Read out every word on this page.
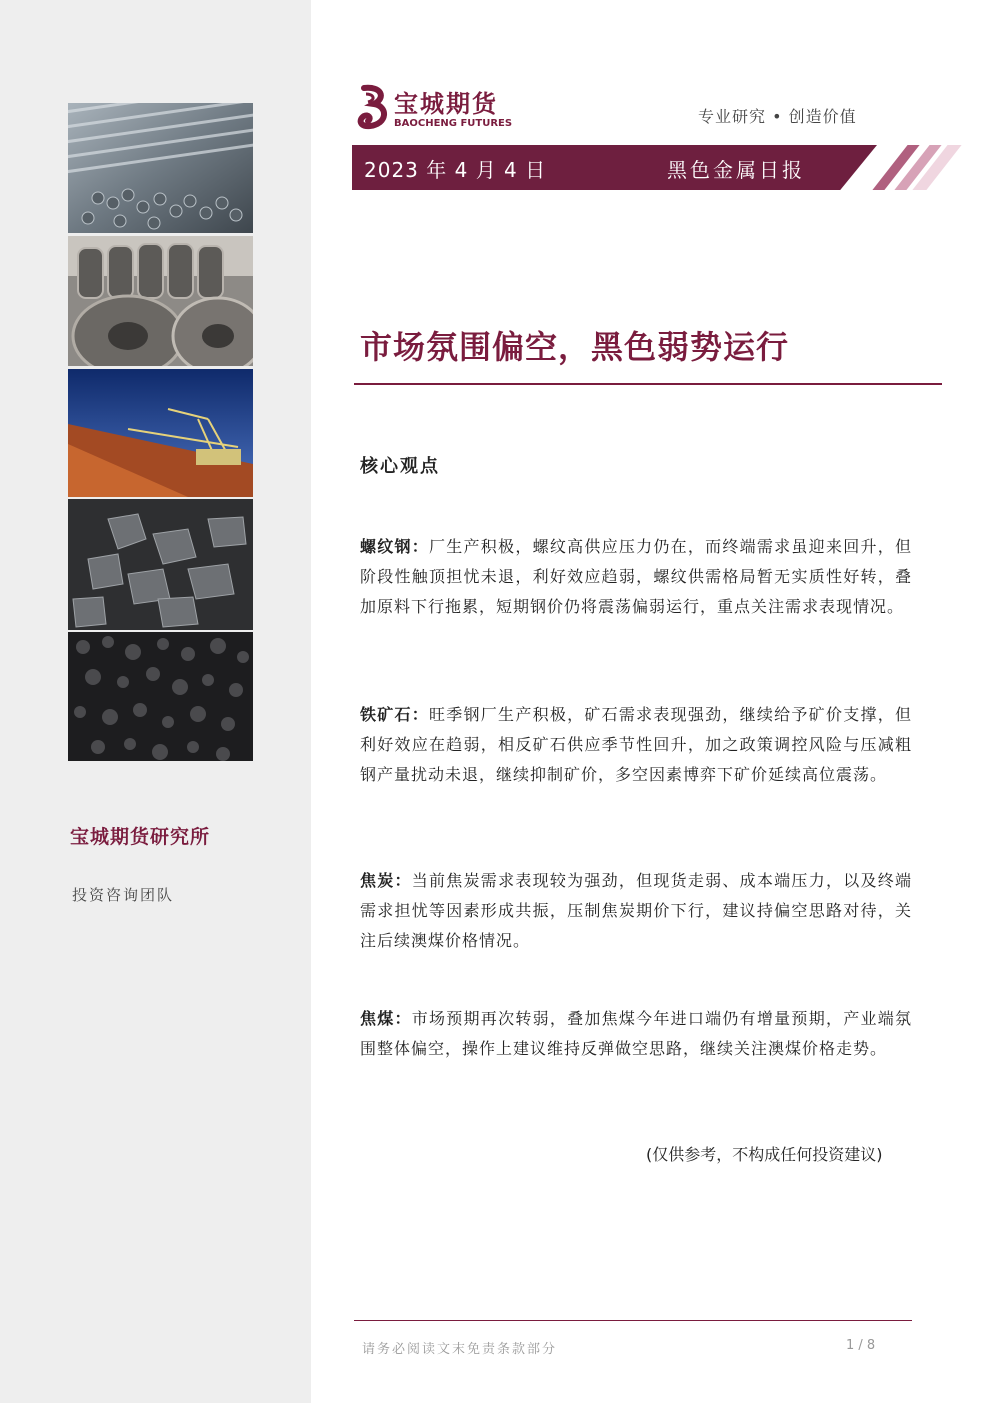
宝城期货研究所
投资咨询团队
宝城期货
BAOCHENG FUTURES	专业研究 • 创造价值
2023 年 4 月 4 日	黑色金属日报
市场氛围偏空，黑色弱势运行
核心观点
螺纹钢：厂生产积极，螺纹高供应压力仍在，而终端需求虽迎来回升，但阶段性触顶担忧未退，利好效应趋弱，螺纹供需格局暂无实质性好转，叠加原料下行拖累，短期钢价仍将震荡偏弱运行，重点关注需求表现情况。
铁矿石：旺季钢厂生产积极，矿石需求表现强劲，继续给予矿价支撑，但利好效应在趋弱，相反矿石供应季节性回升，加之政策调控风险与压减粗钢产量扰动未退，继续抑制矿价，多空因素博弈下矿价延续高位震荡。
焦炭：当前焦炭需求表现较为强劲，但现货走弱、成本端压力，以及终端需求担忧等因素形成共振，压制焦炭期价下行，建议持偏空思路对待，关注后续澳煤价格情况。
焦煤：市场预期再次转弱，叠加焦煤今年进口端仍有增量预期，产业端氛围整体偏空，操作上建议维持反弹做空思路，继续关注澳煤价格走势。
(仅供参考，不构成任何投资建议)
请务必阅读文末免责条款部分	1 / 8
